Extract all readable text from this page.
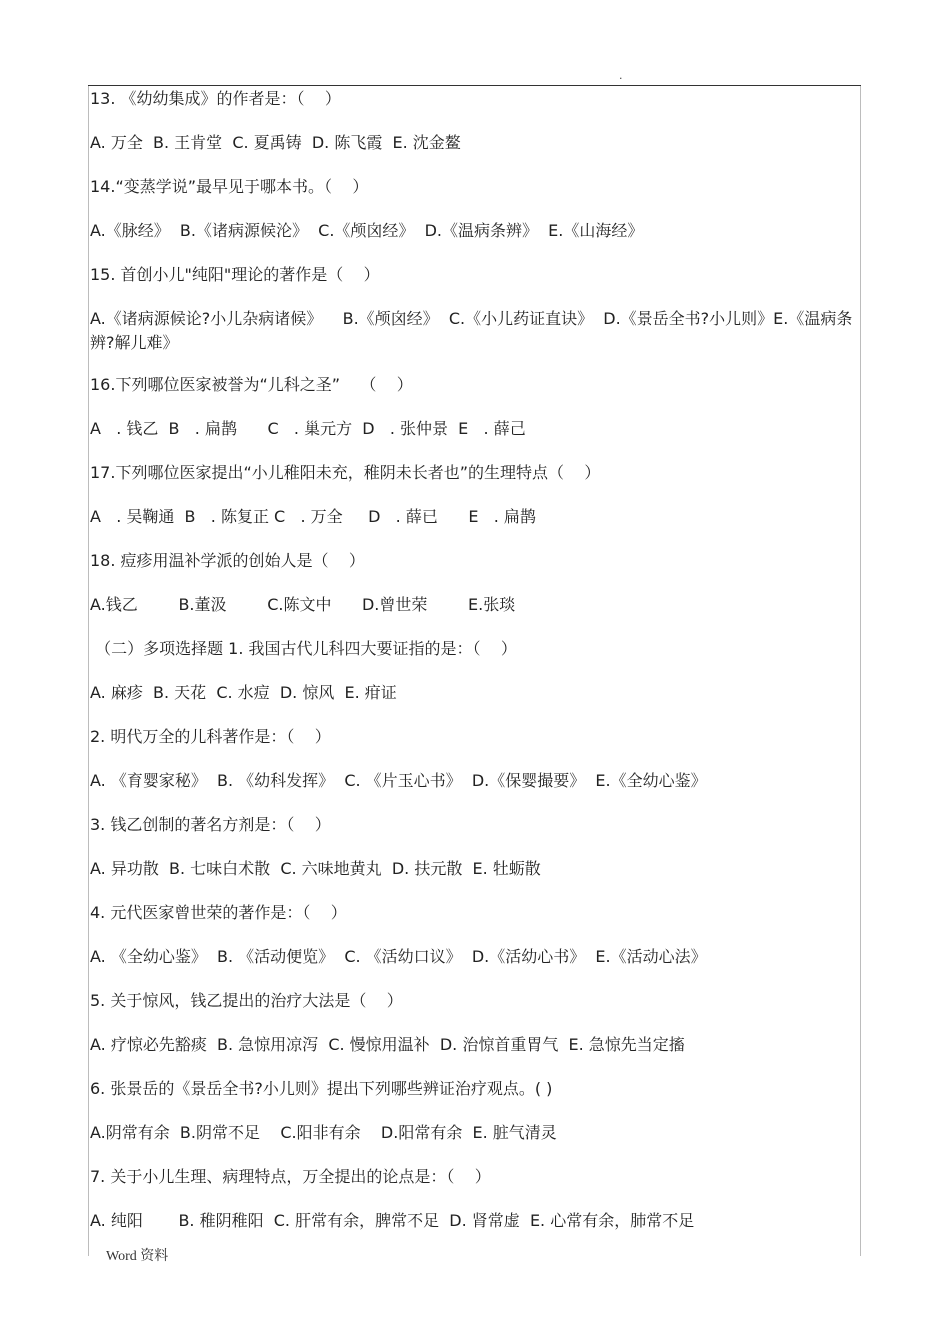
.
13. 《幼幼集成》的作者是：（    ）
A. 万全  B. 王肯堂  C. 夏禹铸  D. 陈飞霞  E. 沈金鳌
14.“变蒸学说”最早见于哪本书。（    ）
A.《脉经》  B.《诸病源候沦》  C.《颅囟经》  D.《温病条辨》  E.《山海经》
15. 首创小儿"纯阳"理论的著作是（    ）
A.《诸病源候论?小儿杂病诸候》    B.《颅囟经》  C.《小儿药证直诀》  D.《景岳全书?小儿则》E.《温病条辨?解儿难》
16.下列哪位医家被誉为“儿科之圣”    （    ）
A   . 钱乙  B   . 扁鹊      C   . 巢元方  D   . 张仲景  E   . 薛己
17.下列哪位医家提出“小儿稚阳未充，稚阴未长者也”的生理特点（    ）
A   . 吴鞠通  B   . 陈复正 C   . 万全     D   . 薛已      E   . 扁鹊
18. 痘疹用温补学派的创始人是（    ）
A.钱乙        B.董汲        C.陈文中      D.曾世荣        E.张琰
（二）多项选择题 1. 我国古代儿科四大要证指的是：（    ）
A. 麻疹  B. 天花  C. 水痘  D. 惊风  E. 疳证
2. 明代万全的儿科著作是：（    ）
A. 《育婴家秘》  B. 《幼科发挥》  C. 《片玉心书》  D.《保婴撮要》  E.《全幼心鉴》
3. 钱乙创制的著名方剂是：（    ）
A. 异功散  B. 七味白术散  C. 六味地黄丸  D. 扶元散  E. 牡蛎散
4. 元代医家曾世荣的著作是：（    ）
A. 《全幼心鉴》  B. 《活动便览》  C. 《活幼口议》  D.《活幼心书》  E.《活动心法》
5. 关于惊风，钱乙提出的治疗大法是（    ）
A. 疗惊必先豁痰  B. 急惊用凉泻  C. 慢惊用温补  D. 治惊首重胃气  E. 急惊先当定搐
6. 张景岳的《景岳全书?小儿则》提出下列哪些辨证治疗观点。( )
A.阴常有余  B.阴常不足    C.阳非有余    D.阳常有余  E. 脏气清灵
7. 关于小儿生理、病理特点，万全提出的论点是：（    ）
A. 纯阳       B. 稚阴稚阳  C. 肝常有余，脾常不足  D. 肾常虚  E. 心常有余，肺常不足
Word 资料
